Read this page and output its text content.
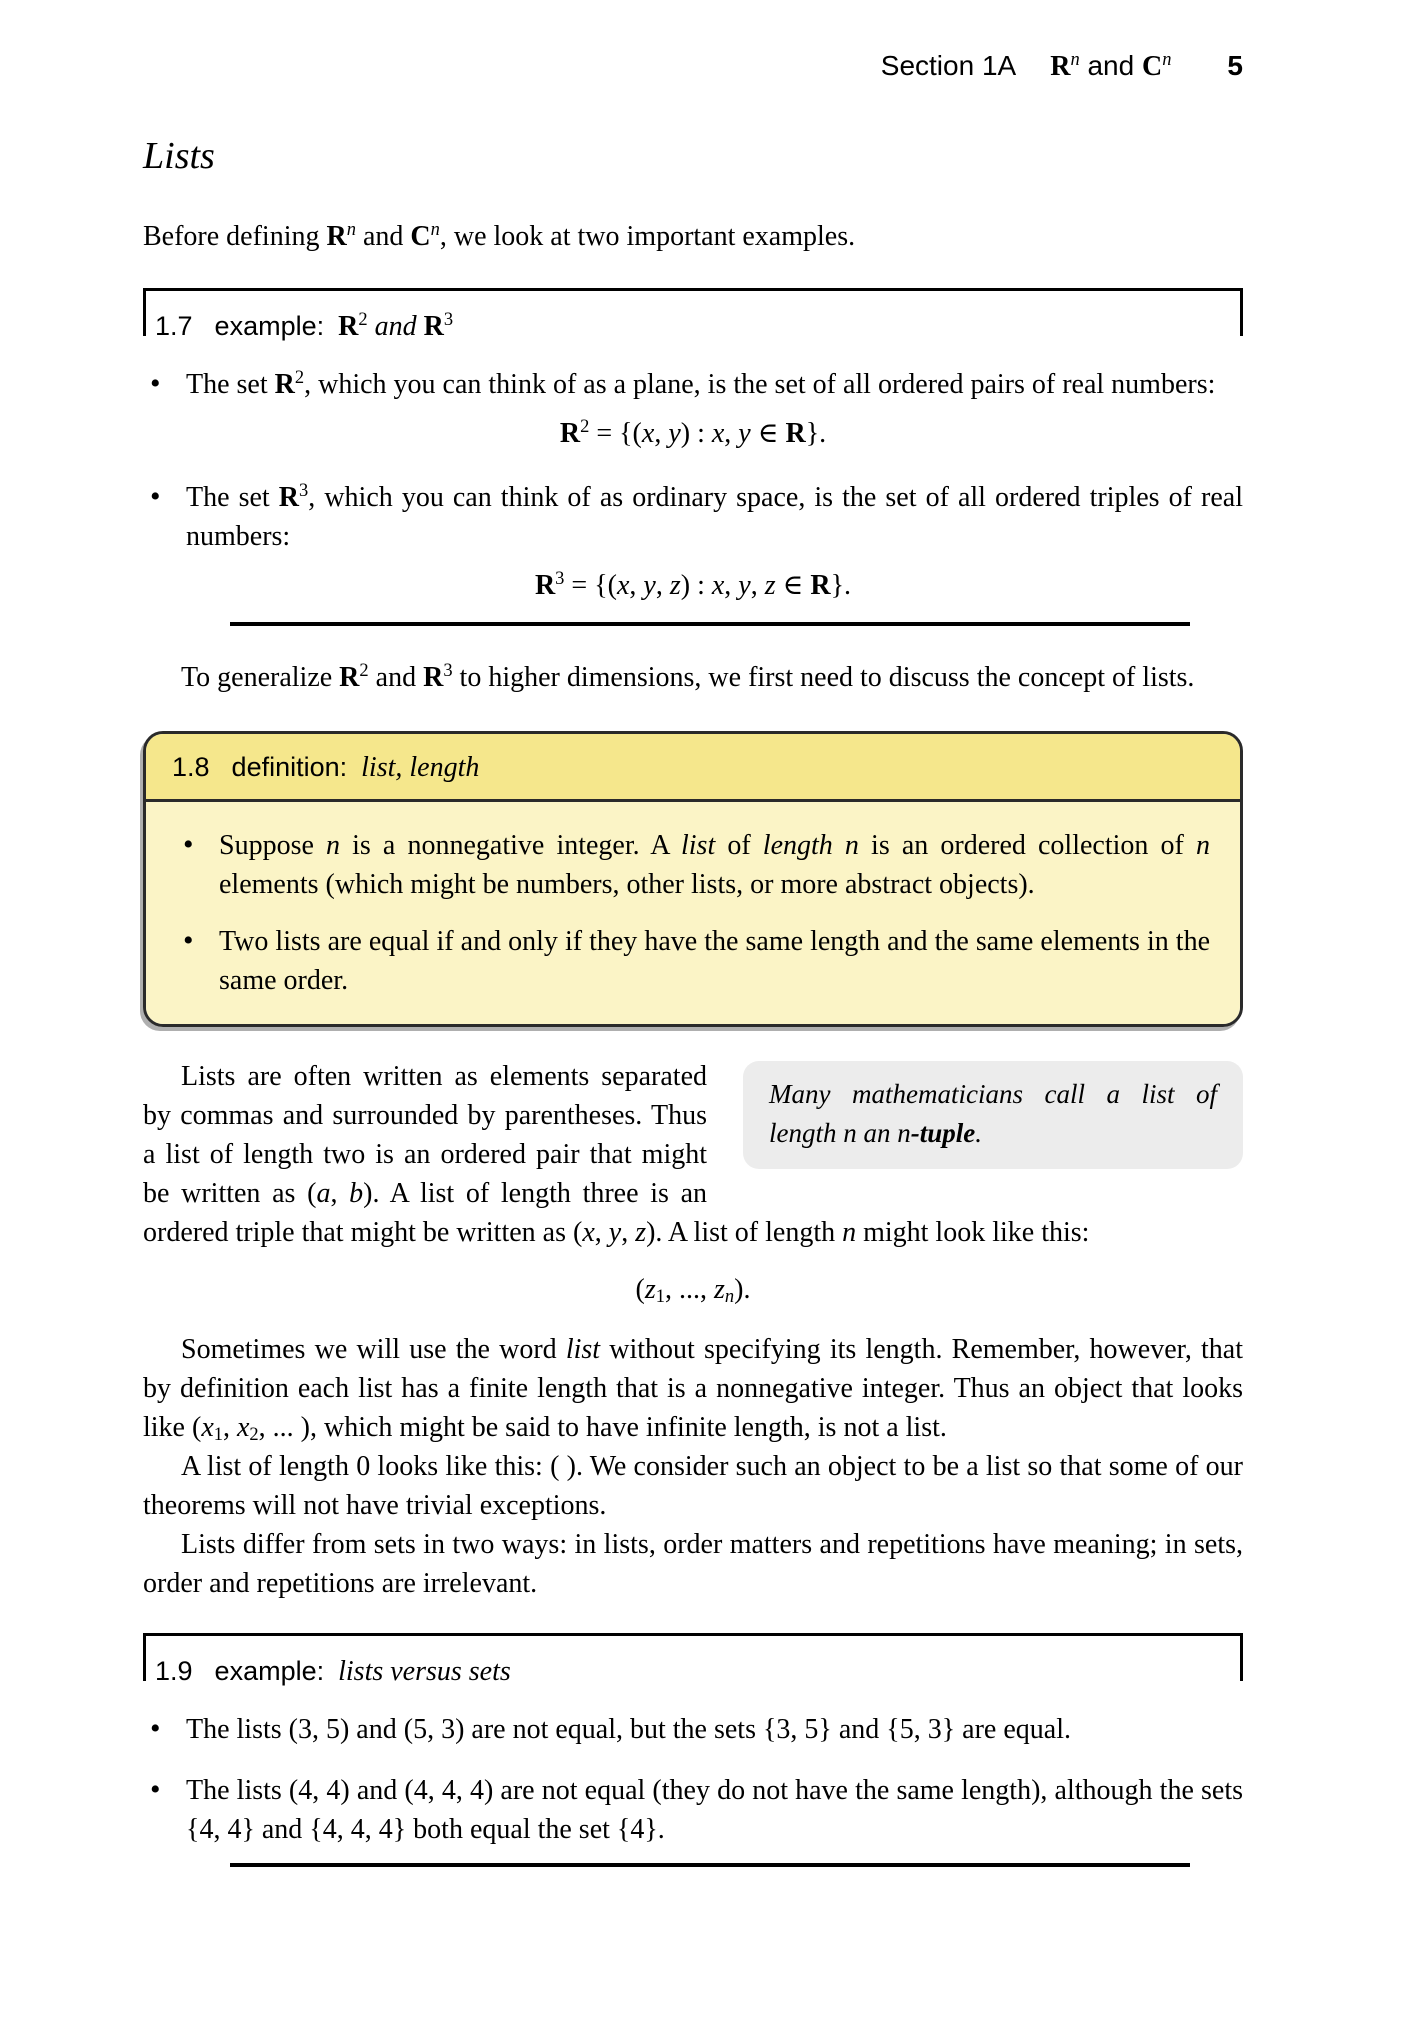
Section 1A $R^n$ and $C^n$ 5
Lists

Before defining $R^n$ and $C^n$, we look at two important examples.

1.7 example: $R^2$ and $R^3$
• The set $R^2$, which you can think of as a plane, is the set of all ordered pairs of real numbers:
$R^2 = \{(x$, y) : x, y ∈ R}.
• The set $R^3$, which you can think of as ordinary space, is the set of all ordered triples of real numbers:
$R^3 = \{(x$, y, z) : x, y, z ∈ R}.

To generalize $R^2$ and $R^3$ to higher dimensions, we first need to discuss the concept of lists.

1.8 definition: list, length
• Suppose n is a nonnegative integer. A list of length n is an ordered collection of n elements (which might be numbers, other lists, or more abstract objects).
• Two lists are equal if and only if they have the same length and the same elements in the same order.
Many mathematicians call a list of length n an n-tuple.

Lists are often written as elements separated by commas and surrounded by parentheses. Thus a list of length two is an ordered pair that might be written as (a, b). A list of length three is an ordered triple that might be written as (x, y, z). A list of length n might look like this:

(z1, ..., zn).

Sometimes we will use the word list without specifying its length. Remember, however, that by definition each list has a finite length that is a nonnegative integer. Thus an object that looks like (x1, x2, ... ), which might be said to have infinite length, is not a list.

A list of length 0 looks like this: ( ). We consider such an object to be a list so that some of our theorems will not have trivial exceptions.

Lists differ from sets in two ways: in lists, order matters and repetitions have meaning; in sets, order and repetitions are irrelevant.

1.9 example: lists versus sets
• The lists (3, 5) and (5, 3) are not equal, but the sets {3, 5} and {5, 3} are equal.
• The lists (4, 4) and (4, 4, 4) are not equal (they do not have the same length), although the sets {4, 4} and {4, 4, 4} both equal the set {4}.
